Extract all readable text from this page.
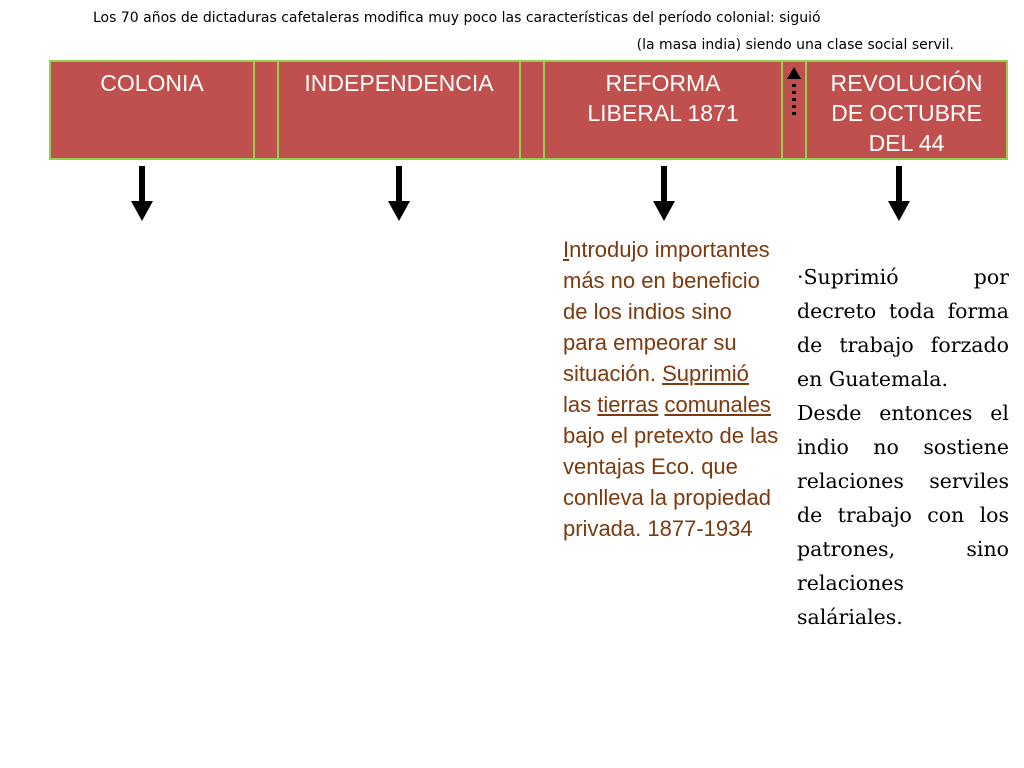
Los 70 años de dictaduras cafetaleras modifica muy poco las características del período colonial: siguió
(la masa india) siendo una clase social servil.
COLONIA	INDEPENDENCIA	REFORMA
LIBERAL 1871
REVOLUCIÓN
DE OCTUBRE
DEL 44
Introdujo importantes más no en beneficio de los indios sino para empeorar su situación. Suprimió las tierras comunales bajo el pretexto de las ventajas Eco. que conlleva la propiedad privada. 1877-1934

·Suprimió por decreto toda forma de trabajo forzado en Guatemala.

Desde entonces el indio no sostiene relaciones serviles de trabajo con los patrones, sino relaciones saláriales.
